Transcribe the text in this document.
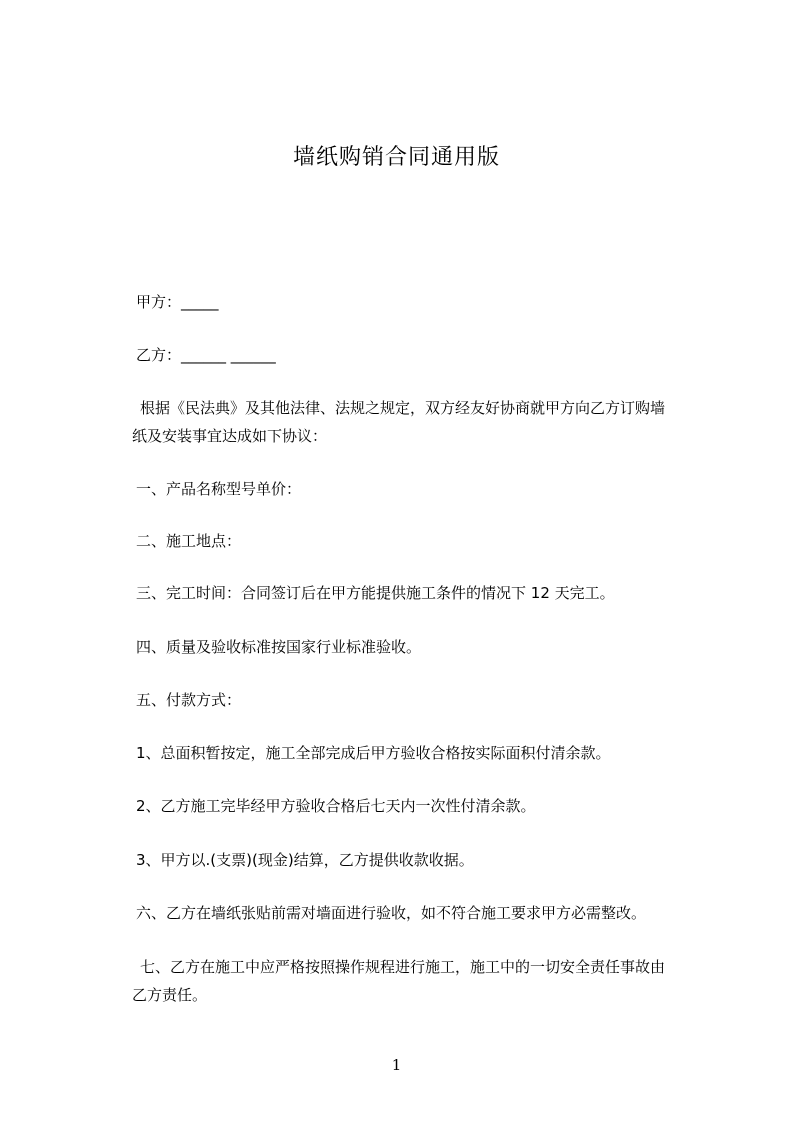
墙纸购销合同通用版
甲方：_____
乙方：______ ______
根据《民法典》及其他法律、法规之规定，双方经友好协商就甲方向乙方订购墙
纸及安装事宜达成如下协议：
一、产品名称型号单价：
二、施工地点：
三、完工时间：合同签订后在甲方能提供施工条件的情况下 12 天完工。
四、质量及验收标准按国家行业标准验收。
五、付款方式：
1、总面积暂按定，施工全部完成后甲方验收合格按实际面积付清余款。
2、乙方施工完毕经甲方验收合格后七天内一次性付清余款。
3、甲方以.(支票)(现金)结算，乙方提供收款收据。
六、乙方在墙纸张贴前需对墙面进行验收，如不符合施工要求甲方必需整改。
七、乙方在施工中应严格按照操作规程进行施工，施工中的一切安全责任事故由
乙方责任。
1
